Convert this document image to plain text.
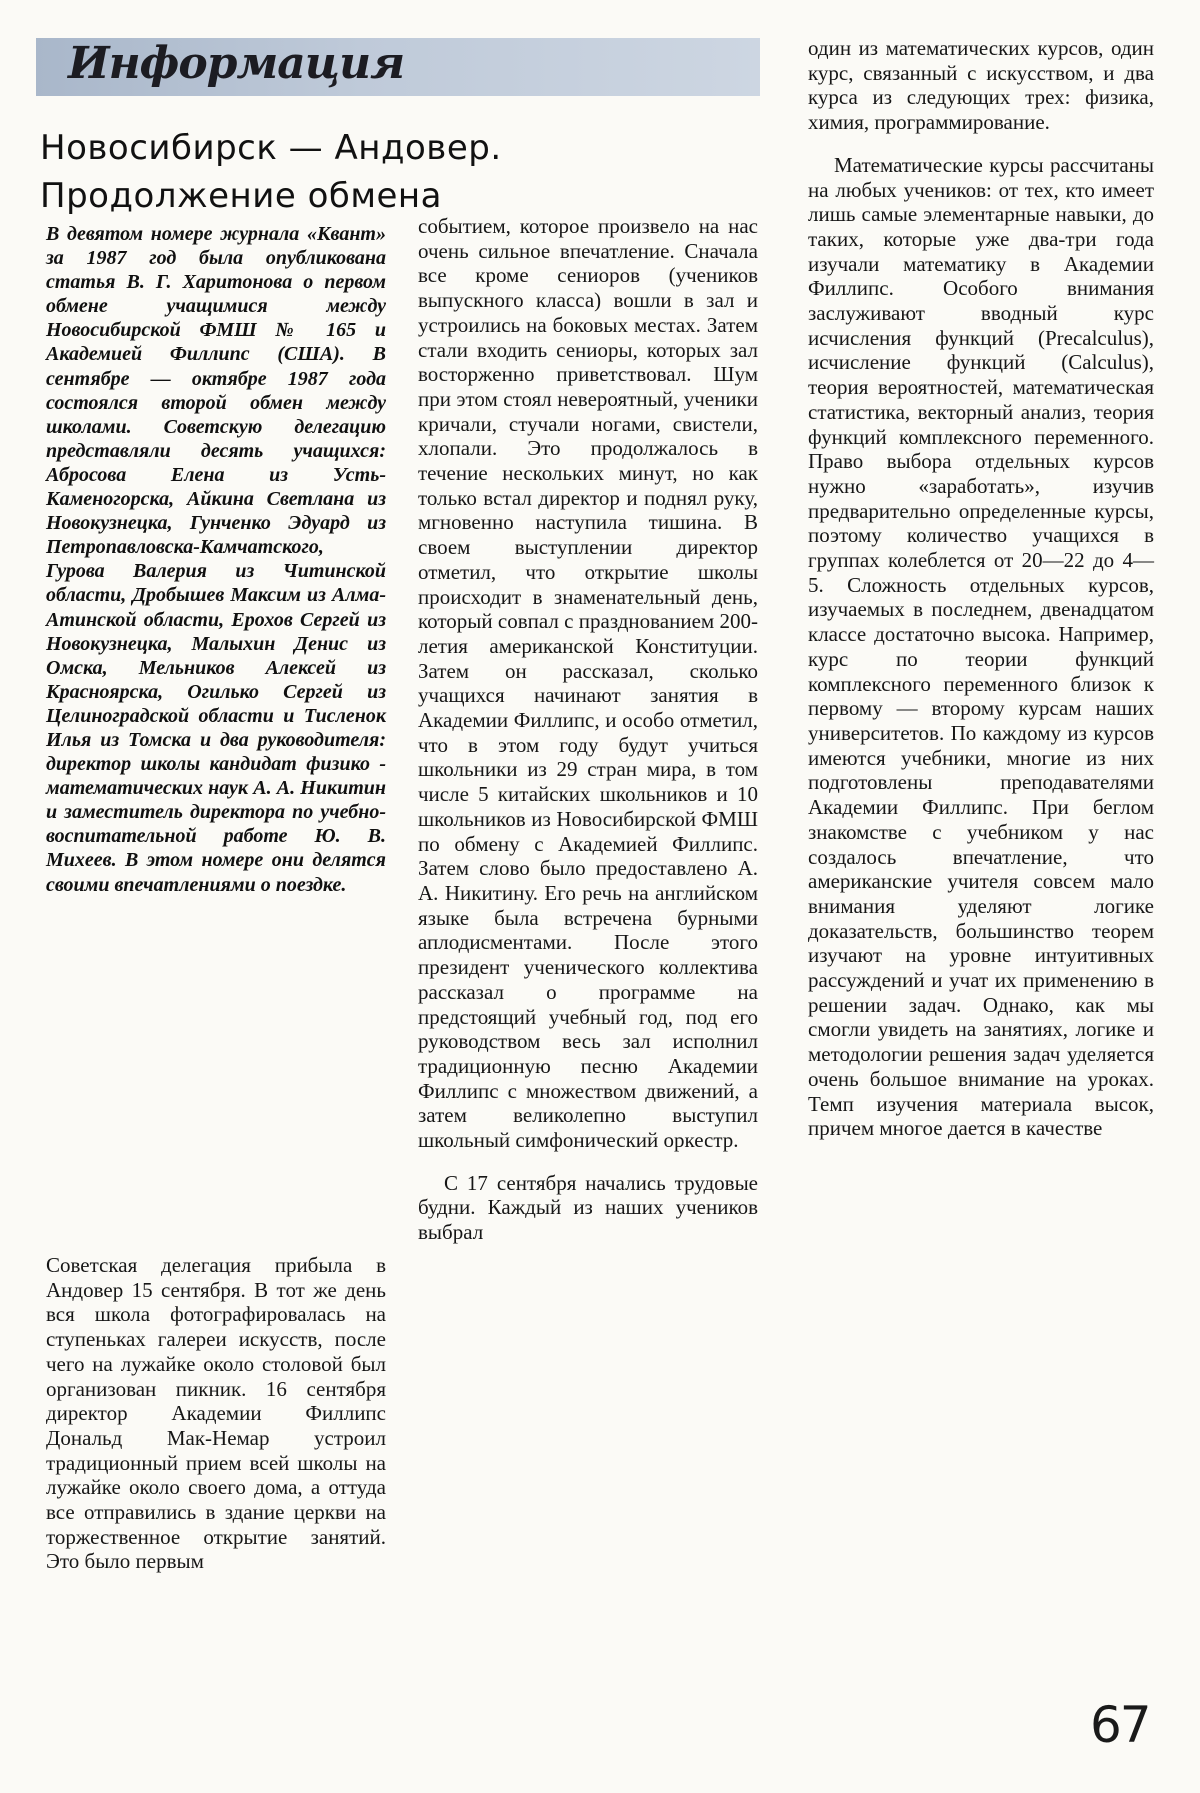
Информация
Новосибирск — Андовер.
Продолжение обмена

В девятом номере журнала «Квант» за 1987 год была опубликована статья В. Г. Харитонова о первом обмене учащимися между Новосибирской ФМШ № 165 и Академией Филлипс (США). В сентябре — октябре 1987 года состоялся второй обмен между школами. Советскую делегацию представляли десять учащихся: Абросова Елена из Усть-Каменогорска, Айкина Светлана из Новокузнецка, Гунченко Эдуард из Петропавловска-Камчатского, Гурова Валерия из Читинской области, Дробышев Максим из Алма-Атинской области, Ерохов Сергей из Новокузнецка, Малыхин Денис из Омска, Мельников Алексей из Красноярска, Огилько Сергей из Целиноградской области и Тисленок Илья из Томска и два руководителя: директор школы кандидат физико - математических наук А. А. Никитин и заместитель директора по учебно-воспитательной работе Ю. В. Михеев. В этом номере они делятся своими впечатлениями о поездке.

Советская делегация прибыла в Андовер 15 сентября. В тот же день вся школа фотографировалась на ступеньках галереи искусств, после чего на лужайке около столовой был организован пикник. 16 сентября директор Академии Филлипс Дональд Мак-Немар устроил традиционный прием всей школы на лужайке около своего дома, а оттуда все отправились в здание церкви на торжественное открытие занятий. Это было первым

событием, которое произвело на нас очень сильное впечатление. Сначала все кроме сениоров (учеников выпускного класса) вошли в зал и устроились на боковых местах. Затем стали входить сениоры, которых зал восторженно приветствовал. Шум при этом стоял невероятный, ученики кричали, стучали ногами, свистели, хлопали. Это продолжалось в течение нескольких минут, но как только встал директор и поднял руку, мгновенно наступила тишина. В своем выступлении директор отметил, что открытие школы происходит в знаменательный день, который совпал с празднованием 200-летия американской Конституции. Затем он рассказал, сколько учащихся начинают занятия в Академии Филлипс, и особо отметил, что в этом году будут учиться школьники из 29 стран мира, в том числе 5 китайских школьников и 10 школьников из Новосибирской ФМШ по обмену с Академией Филлипс. Затем слово было предоставлено А. А. Никитину. Его речь на английском языке была встречена бурными аплодисментами. После этого президент ученического коллектива рассказал о программе на предстоящий учебный год, под его руководством весь зал исполнил традиционную песню Академии Филлипс с множеством движений, а затем великолепно выступил школьный симфонический оркестр.

С 17 сентября начались трудовые будни. Каждый из наших учеников выбрал

один из математических курсов, один курс, связанный с искусством, и два курса из следующих трех: физика, химия, программирование.

Математические курсы рассчитаны на любых учеников: от тех, кто имеет лишь самые элементарные навыки, до таких, которые уже два-три года изучали математику в Академии Филлипс. Особого внимания заслуживают вводный курс исчисления функций (Precalculus), исчисление функций (Calculus), теория вероятностей, математическая статистика, векторный анализ, теория функций комплексного переменного. Право выбора отдельных курсов нужно «заработать», изучив предварительно определенные курсы, поэтому количество учащихся в группах колеблется от 20—22 до 4—5. Сложность отдельных курсов, изучаемых в последнем, двенадцатом классе достаточно высока. Например, курс по теории функций комплексного переменного близок к первому — второму курсам наших университетов. По каждому из курсов имеются учебники, многие из них подготовлены преподавателями Академии Филлипс. При беглом знакомстве с учебником у нас создалось впечатление, что американские учителя совсем мало внимания уделяют логике доказательств, большинство теорем изучают на уровне интуитивных рассуждений и учат их применению в решении задач. Однако, как мы смогли увидеть на занятиях, логике и методологии решения задач уделяется очень большое внимание на уроках. Темп изучения материала высок, причем многое дается в качестве

67
